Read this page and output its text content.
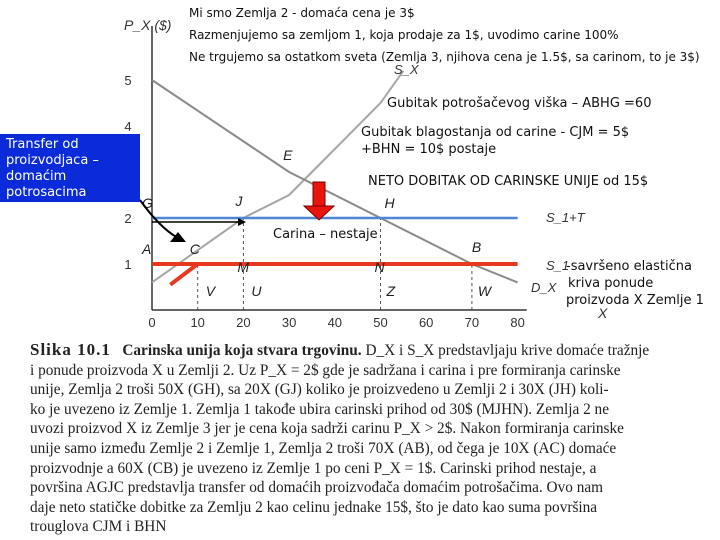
E
J	H
A	C
M	N
B
G
V	U	Z	W
0	10 20 30 40 50 60 70 80
1
2
4
5
P_X ($)
X
S_X
D_X
S_1+T
S_1
Mi smo Zemlja 2 - domaća cena je 3$
Razmenjujemo sa zemljom 1, koja prodaje za 1$, uvodimo carine 100%
Ne trgujemo sa ostatkom sveta (Zemlja 3, njihova cena je 1.5$, sa carinom, to je 3$)
Gubitak potrošačevog viška – ABHG =60
Gubitak blagostanja od carine - CJM = 5$
+BHN = 10$ postaje
NETO DOBITAK OD CARINSKE UNIJE od 15$
Carina – nestaje
-savršeno elastična
kriva ponude
proizvoda X Zemlje 1
Transfer od
proizvodjaca –
domaćim
potrosacima
Slika 10.1 Carinska unija koja stvara trgovinu. D_X i S_X predstavljaju krive domaće tražnje
i ponude proizvoda X u Zemlji 2. Uz P_X = 2$ gde je sadržana i carina i pre formiranja carinske
unije, Zemlja 2 troši 50X (GH), sa 20X (GJ) koliko je proizvedeno u Zemlji 2 i 30X (JH) koli-
ko je uvezeno iz Zemlje 1. Zemlja 1 takođe ubira carinski prihod od 30$ (MJHN). Zemlja 2 ne
uvozi proizvod X iz Zemlje 3 jer je cena koja sadrži carinu P_X > 2$. Nakon formiranja carinske
unije samo između Zemlje 2 i Zemlje 1, Zemlja 2 troši 70X (AB), od čega je 10X (AC) domaće
proizvodnje a 60X (CB) je uvezeno iz Zemlje 1 po ceni P_X = 1$. Carinski prihod nestaje, a
površina AGJC predstavlja transfer od domaćih proizvođača domaćim potrošačima. Ovo nam
daje neto statičke dobitke za Zemlju 2 kao celinu jednake 15$, što je dato kao suma površina
trouglova CJM i BHN
